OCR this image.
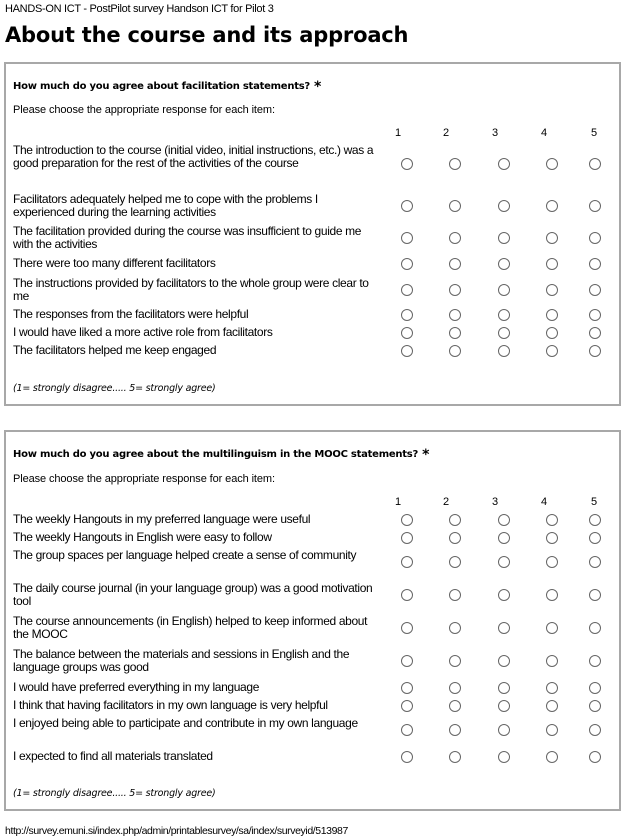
HANDS-ON ICT - PostPilot survey Handson ICT for Pilot 3
About the course and its approach
How much do you agree about facilitation statements? *
Please choose the appropriate response for each item:
1	2	3	4	5
The introduction to the course (initial video, initial instructions, etc.) was a good preparation for the rest of the activities of the course
Facilitators adequately helped me to cope with the problems I experienced during the learning activities
The facilitation provided during the course was insufficient to guide me with the activities
There were too many different facilitators
The instructions provided by facilitators to the whole group were clear to me
The responses from the facilitators were helpful
I would have liked a more active role from facilitators
The facilitators helped me keep engaged
(1= strongly disagree..... 5= strongly agree)
How much do you agree about the multilinguism in the MOOC statements? *
Please choose the appropriate response for each item:
1	2	3	4	5
The weekly Hangouts in my preferred language were useful
The weekly Hangouts in English were easy to follow
The group spaces per language helped create a sense of community
The daily course journal (in your language group) was a good motivation tool
The course announcements (in English) helped to keep informed about the MOOC
The balance between the materials and sessions in English and the language groups was good
I would have preferred everything in my language
I think that having facilitators in my own language is very helpful
I enjoyed being able to participate and contribute in my own language
I expected to find all materials translated
(1= strongly disagree..... 5= strongly agree)
http://survey.emuni.si/index.php/admin/printablesurvey/sa/index/surveyid/513987
